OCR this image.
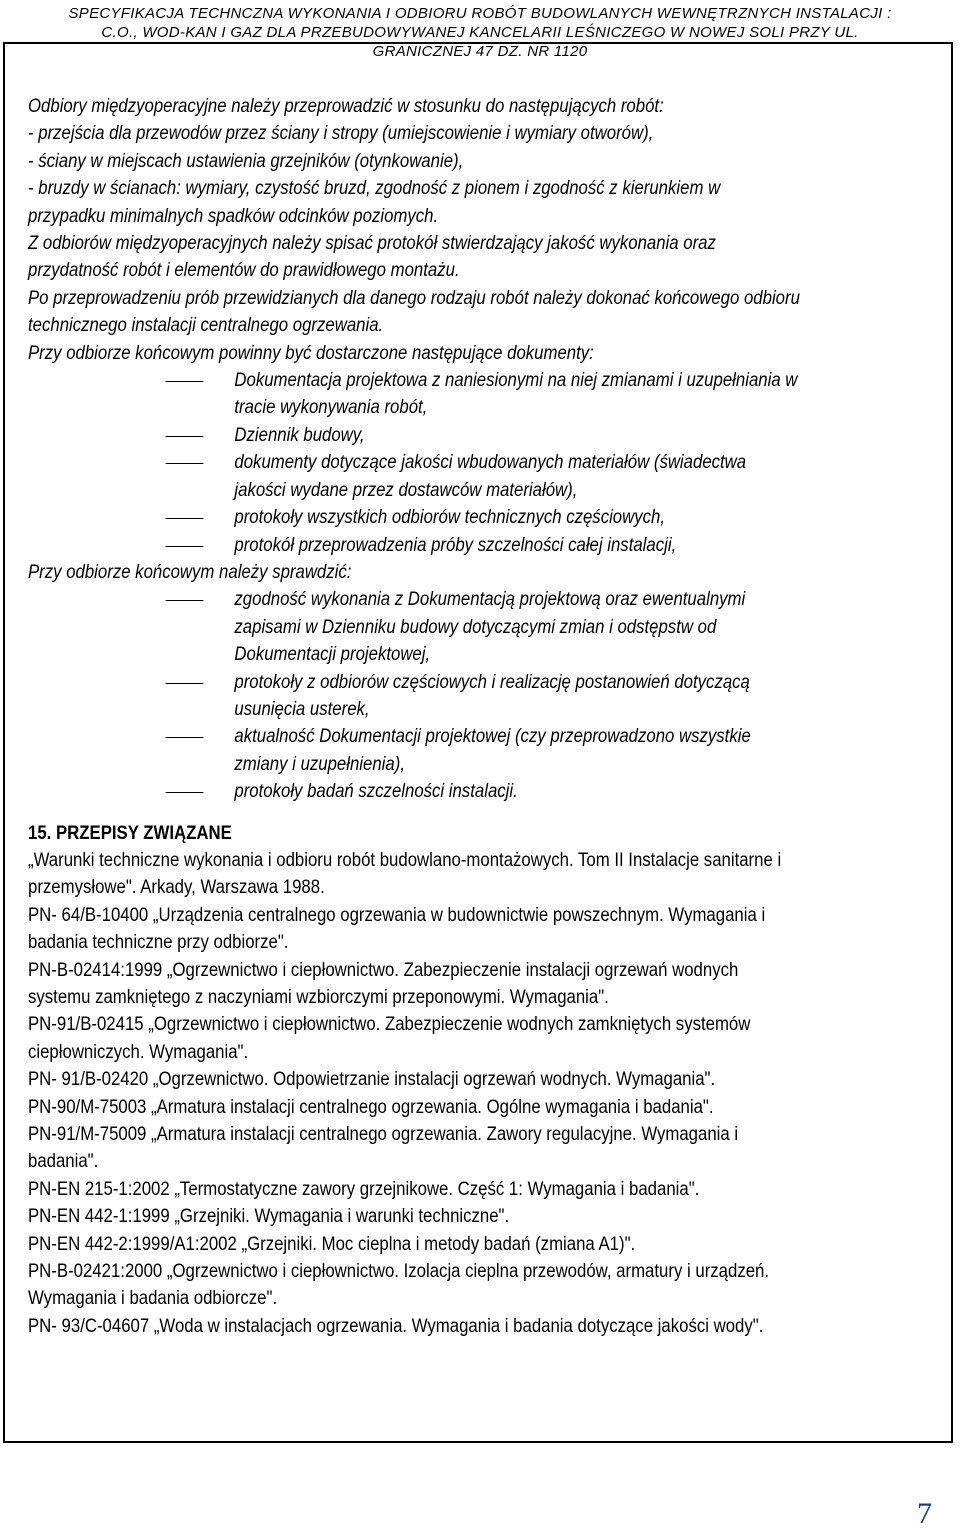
SPECYFIKACJA TECHNCZNA WYKONANIA I ODBIORU ROBÓT BUDOWLANYCH WEWNĘTRZNYCH INSTALACJI :
C.O., WOD-KAN I GAZ DLA PRZEBUDOWYWANEJ KANCELARII LEŚNICZEGO W NOWEJ SOLI PRZY UL.
GRANICZNEJ 47 DZ. NR 1120

Odbiory międzyoperacyjne należy przeprowadzić w stosunku do następujących robót:

- przejścia dla przewodów przez ściany i stropy (umiejscowienie i wymiary otworów),

- ściany w miejscach ustawienia grzejników (otynkowanie),

- bruzdy w ścianach: wymiary, czystość bruzd, zgodność z pionem i zgodność z kierunkiem w przypadku minimalnych spadków odcinków poziomych.

Z odbiorów międzyoperacyjnych należy spisać protokół stwierdzający jakość wykonania oraz przydatność robót i elementów do prawidłowego montażu.

Po przeprowadzeniu prób przewidzianych dla danego rodzaju robót należy dokonać końcowego odbioru technicznego instalacji centralnego ogrzewania.

Przy odbiorze końcowym powinny być dostarczone następujące dokumenty:

Dokumentacja projektowa z naniesionymi na niej zmianami i uzupełniania w tracie wykonywania robót,
Dziennik budowy,
dokumenty dotyczące jakości wbudowanych materiałów (świadectwa jakości wydane przez dostawców materiałów),
protokoły wszystkich odbiorów technicznych częściowych,
protokół przeprowadzenia próby szczelności całej instalacji,

Przy odbiorze końcowym należy sprawdzić:

zgodność wykonania z Dokumentacją projektową oraz ewentualnymi zapisami w Dzienniku budowy dotyczącymi zmian i odstępstw od Dokumentacji projektowej,
protokoły z odbiorów częściowych i realizację postanowień dotyczącą usunięcia usterek,
aktualność Dokumentacji projektowej (czy przeprowadzono wszystkie zmiany i uzupełnienia),
protokoły badań szczelności instalacji.

15. PRZEPISY ZWIĄZANE

„Warunki techniczne wykonania i odbioru robót budowlano-montażowych. Tom II Instalacje sanitarne i przemysłowe". Arkady, Warszawa 1988.

PN- 64/B-10400 „Urządzenia centralnego ogrzewania w budownictwie powszechnym. Wymagania i badania techniczne przy odbiorze".

PN-B-02414:1999 „Ogrzewnictwo i ciepłownictwo. Zabezpieczenie instalacji ogrzewań wodnych systemu zamkniętego z naczyniami wzbiorczymi przeponowymi. Wymagania".

PN-91/B-02415 „Ogrzewnictwo i ciepłownictwo. Zabezpieczenie wodnych zamkniętych systemów ciepłowniczych. Wymagania".

PN- 91/B-02420 „Ogrzewnictwo. Odpowietrzanie instalacji ogrzewań wodnych. Wymagania".

PN-90/M-75003 „Armatura instalacji centralnego ogrzewania. Ogólne wymagania i badania".

PN-91/M-75009 „Armatura instalacji centralnego ogrzewania. Zawory regulacyjne. Wymagania i badania".

PN-EN 215-1:2002 „Termostatyczne zawory grzejnikowe. Część 1: Wymagania i badania".

PN-EN 442-1:1999 „Grzejniki. Wymagania i warunki techniczne".

PN-EN 442-2:1999/A1:2002 „Grzejniki. Moc cieplna i metody badań (zmiana A1)".

PN-B-02421:2000 „Ogrzewnictwo i ciepłownictwo. Izolacja cieplna przewodów, armatury i urządzeń. Wymagania i badania odbiorcze".

PN- 93/C-04607 „Woda w instalacjach ogrzewania. Wymagania i badania dotyczące jakości wody".

7
